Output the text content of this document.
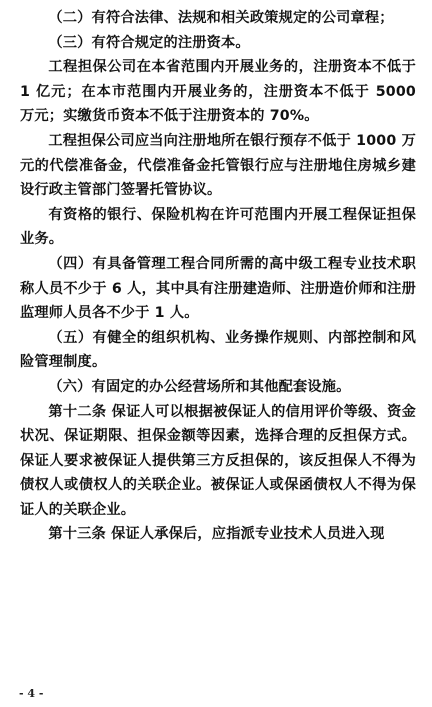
（二）有符合法律、法规和相关政策规定的公司章程；

（三）有符合规定的注册资本。

工程担保公司在本省范围内开展业务的，注册资本不低于 1 亿元；在本市范围内开展业务的，注册资本不低于 5000 万元；实缴货币资本不低于注册资本的 70%。

工程担保公司应当向注册地所在银行预存不低于 1000 万元的代偿准备金，代偿准备金托管银行应与注册地住房城乡建设行政主管部门签署托管协议。

有资格的银行、保险机构在许可范围内开展工程保证担保业务。

（四）有具备管理工程合同所需的高中级工程专业技术职称人员不少于 6 人，其中具有注册建造师、注册造价师和注册监理师人员各不少于 1 人。

（五）有健全的组织机构、业务操作规则、内部控制和风险管理制度。

（六）有固定的办公经营场所和其他配套设施。

第十二条 保证人可以根据被保证人的信用评价等级、资金状况、保证期限、担保金额等因素，选择合理的反担保方式。保证人要求被保证人提供第三方反担保的，该反担保人不得为债权人或债权人的关联企业。被保证人或保函债权人不得为保证人的关联企业。

第十三条 保证人承保后，应指派专业技术人员进入现

- 4 -
